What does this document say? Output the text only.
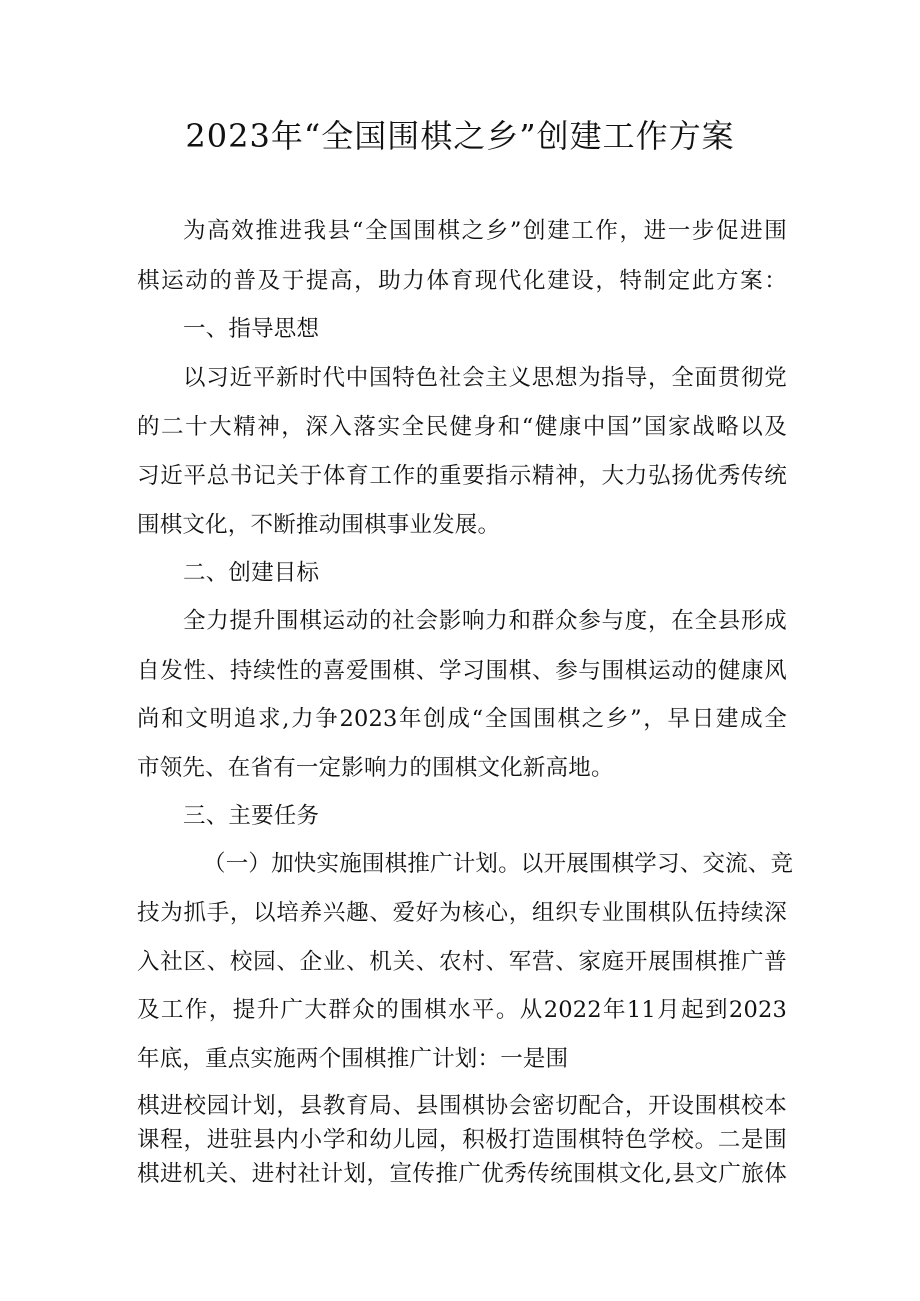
2023年“全国围棋之乡”创建工作方案
为高效推进我县“全国围棋之乡”创建工作，进一步促进围
棋运动的普及于提高，助力体育现代化建设，特制定此方案：
一、指导思想
以习近平新时代中国特色社会主义思想为指导，全面贯彻党
的二十大精神，深入落实全民健身和“健康中国”国家战略以及
习近平总书记关于体育工作的重要指示精神，大力弘扬优秀传统
围棋文化，不断推动围棋事业发展。
二、创建目标
全力提升围棋运动的社会影响力和群众参与度，在全县形成
自发性、持续性的喜爱围棋、学习围棋、参与围棋运动的健康风
尚和文明追求,力争2023年创成“全国围棋之乡”，早日建成全
市领先、在省有一定影响力的围棋文化新高地。
三、主要任务
（一）加快实施围棋推广计划。以开展围棋学习、交流、竞
技为抓手，以培养兴趣、爱好为核心，组织专业围棋队伍持续深
入社区、校园、企业、机关、农村、军营、家庭开展围棋推广普
及工作，提升广大群众的围棋水平。从2022年11月起到2023
年底，重点实施两个围棋推广计划：一是围
棋进校园计划，县教育局、县围棋协会密切配合，开设围棋校本
课程，进驻县内小学和幼儿园，积极打造围棋特色学校。二是围
棋进机关、进村社计划，宣传推广优秀传统围棋文化,县文广旅体
